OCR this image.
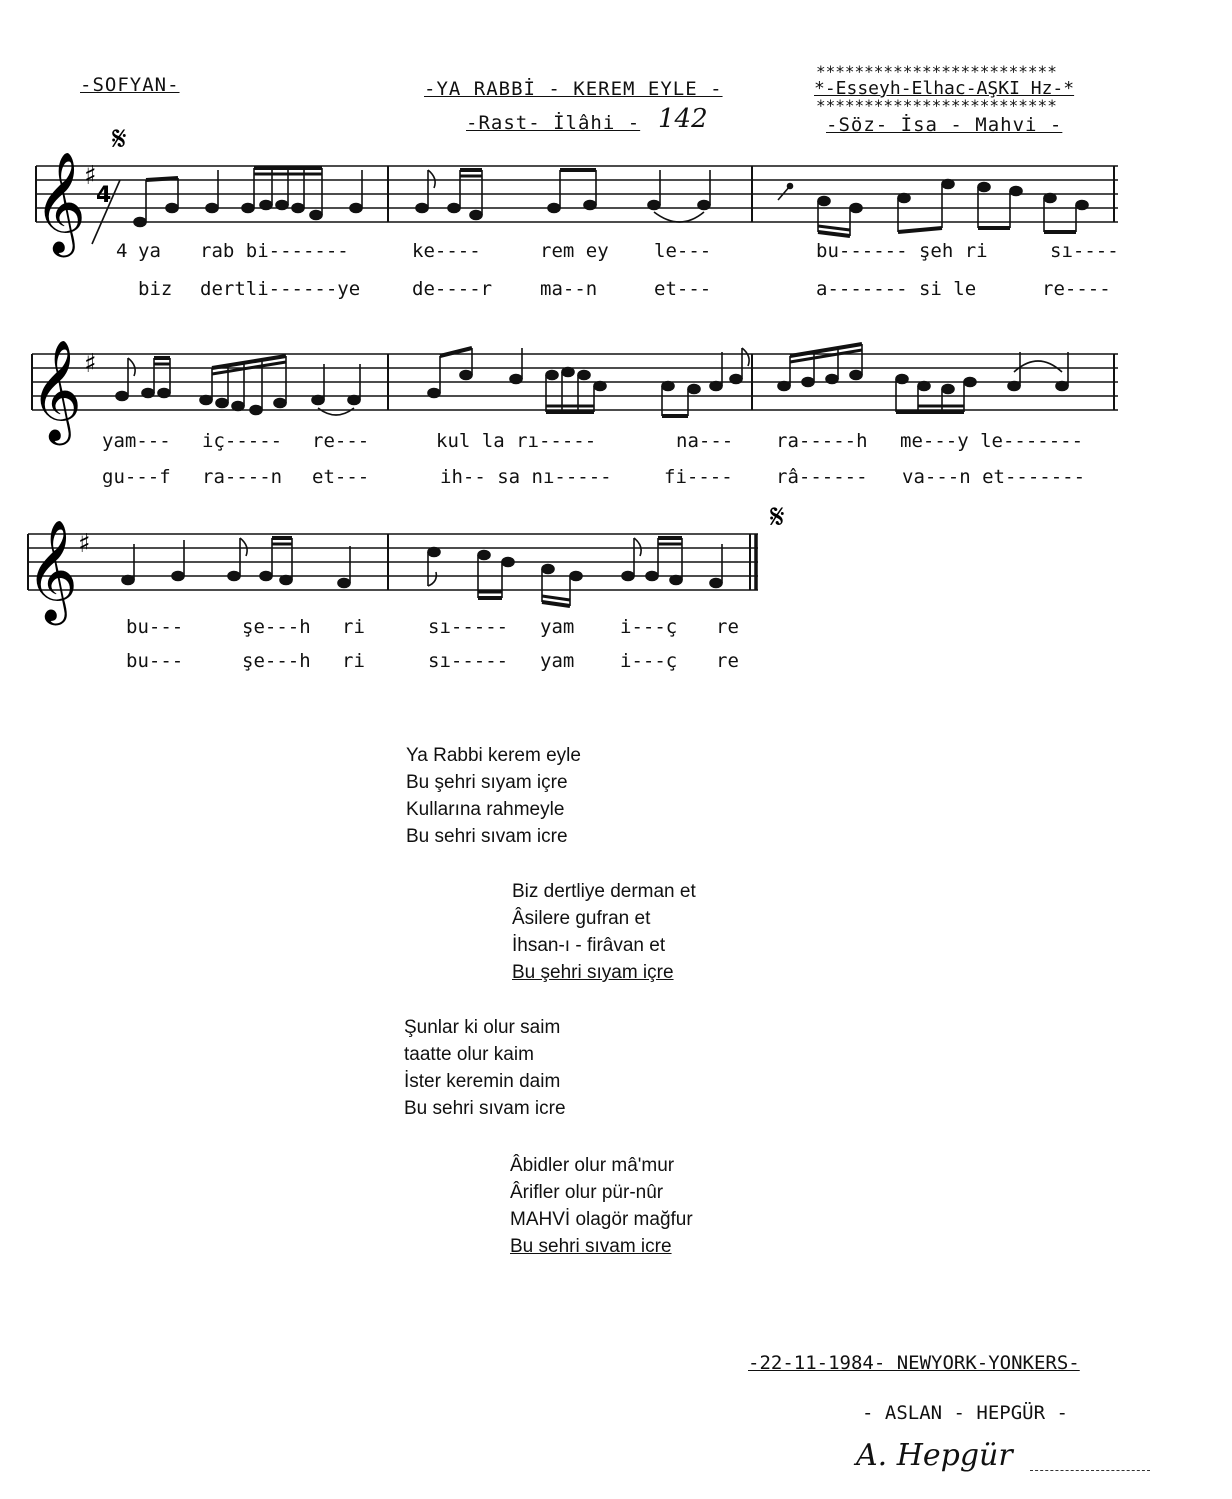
-SOFYAN-	-YA RABBİ - KEREM EYLE -
-Rast- İlâhi - 142
*************************
*-Esseyh-Elhac-AŞKI Hz-*
*************************
-Söz- İsa - Mahvi -
𝄞
♯
4
𝄋
4 ya rab bi-------	ke----	rem ey le---	bu------ şeh ri	sı----
biz dertli------ye	de----r	ma--n	et---	a------- si le	re----
𝄞 ♯
yam--- iç----- re---	kul la rı-----	na--- ra-----h me---y le-------
gu---f ra----n et---	ih-- sa nı-----	fi---- râ------ va---n et-------
𝄞 ♯
𝄋
bu---	şe---h ri	sı----- yam i---ç re
bu---	şe---h ri	sı----- yam i---ç re
Ya Rabbi kerem eyle
Bu şehri sıyam içre
Kullarına rahmeyle
Bu sehri sıvam icre
Biz dertliye derman et
Âsilere gufran et
İhsan-ı - firâvan et
Bu şehri sıyam içre
Şunlar ki olur saim
taatte olur kaim
İster keremin daim
Bu sehri sıvam icre
Âbidler olur mâ'mur
Ârifler olur pür-nûr
MAHVİ olagör mağfur
Bu sehri sıvam icre
-22-11-1984- NEWYORK-YONKERS-
- ASLAN - HEPGÜR -
A. Hepgür
